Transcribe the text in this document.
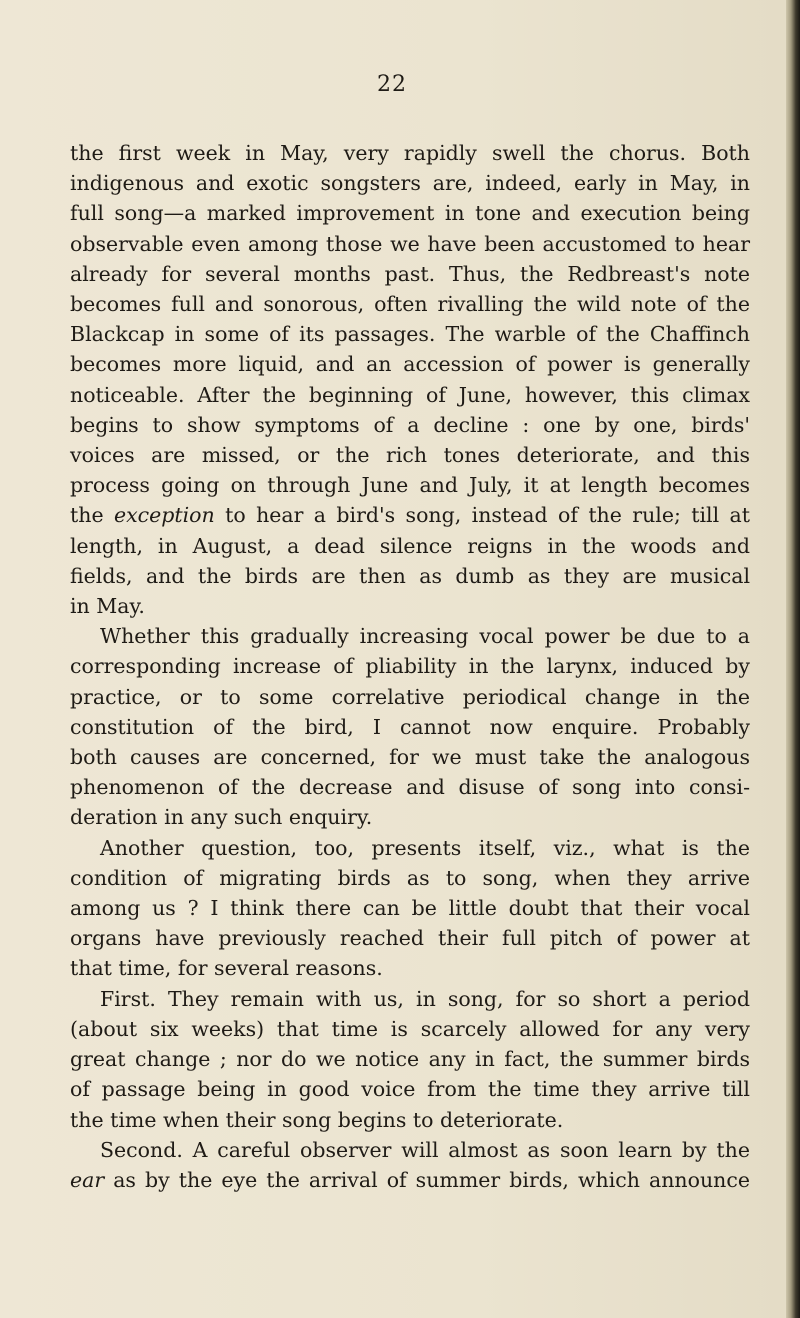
22
the first week in May, very rapidly swell the chorus. Both
indigenous and exotic songsters are, indeed, early in May, in
full song—a marked improvement in tone and execution being
observable even among those we have been accustomed to hear
already for several months past. Thus, the Redbreast's note
becomes full and sonorous, often rivalling the wild note of the
Blackcap in some of its passages. The warble of the Chaffinch
becomes more liquid, and an accession of power is generally
noticeable. After the beginning of June, however, this climax
begins to show symptoms of a decline : one by one, birds'
voices are missed, or the rich tones deteriorate, and this
process going on through June and July, it at length becomes
the exception to hear a bird's song, instead of the rule; till at
length, in August, a dead silence reigns in the woods and
fields, and the birds are then as dumb as they are musical
in May.
Whether this gradually increasing vocal power be due to a
corresponding increase of pliability in the larynx, induced by
practice, or to some correlative periodical change in the
constitution of the bird, I cannot now enquire. Probably
both causes are concerned, for we must take the analogous
phenomenon of the decrease and disuse of song into consi-
deration in any such enquiry.
Another question, too, presents itself, viz., what is the
condition of migrating birds as to song, when they arrive
among us ? I think there can be little doubt that their vocal
organs have previously reached their full pitch of power at
that time, for several reasons.
First. They remain with us, in song, for so short a period
(about six weeks) that time is scarcely allowed for any very
great change ; nor do we notice any in fact, the summer birds
of passage being in good voice from the time they arrive till
the time when their song begins to deteriorate.
Second. A careful observer will almost as soon learn by the
ear as by the eye the arrival of summer birds, which announce
